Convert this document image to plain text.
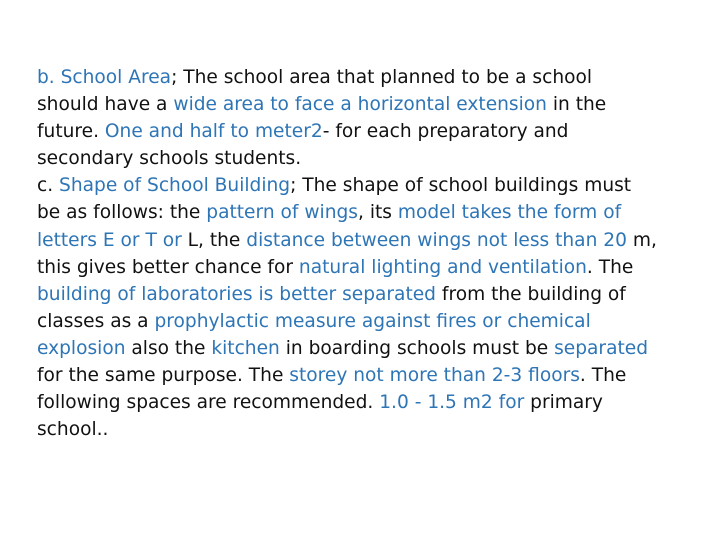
b. School Area; The school area that planned to be a school
should have a wide area to face a horizontal extension in the
future. One and half to meter2- for each preparatory and
secondary schools students.
c. Shape of School Building; The shape of school buildings must
be as follows: the pattern of wings, its model takes the form of
letters E or T or L, the distance between wings not less than 20 m,
this gives better chance for natural lighting and ventilation. The
building of laboratories is better separated from the building of
classes as a prophylactic measure against fires or chemical
explosion also the kitchen in boarding schools must be separated
for the same purpose. The storey not more than 2-3 floors. The
following spaces are recommended. 1.0 - 1.5 m2 for primary
school..
